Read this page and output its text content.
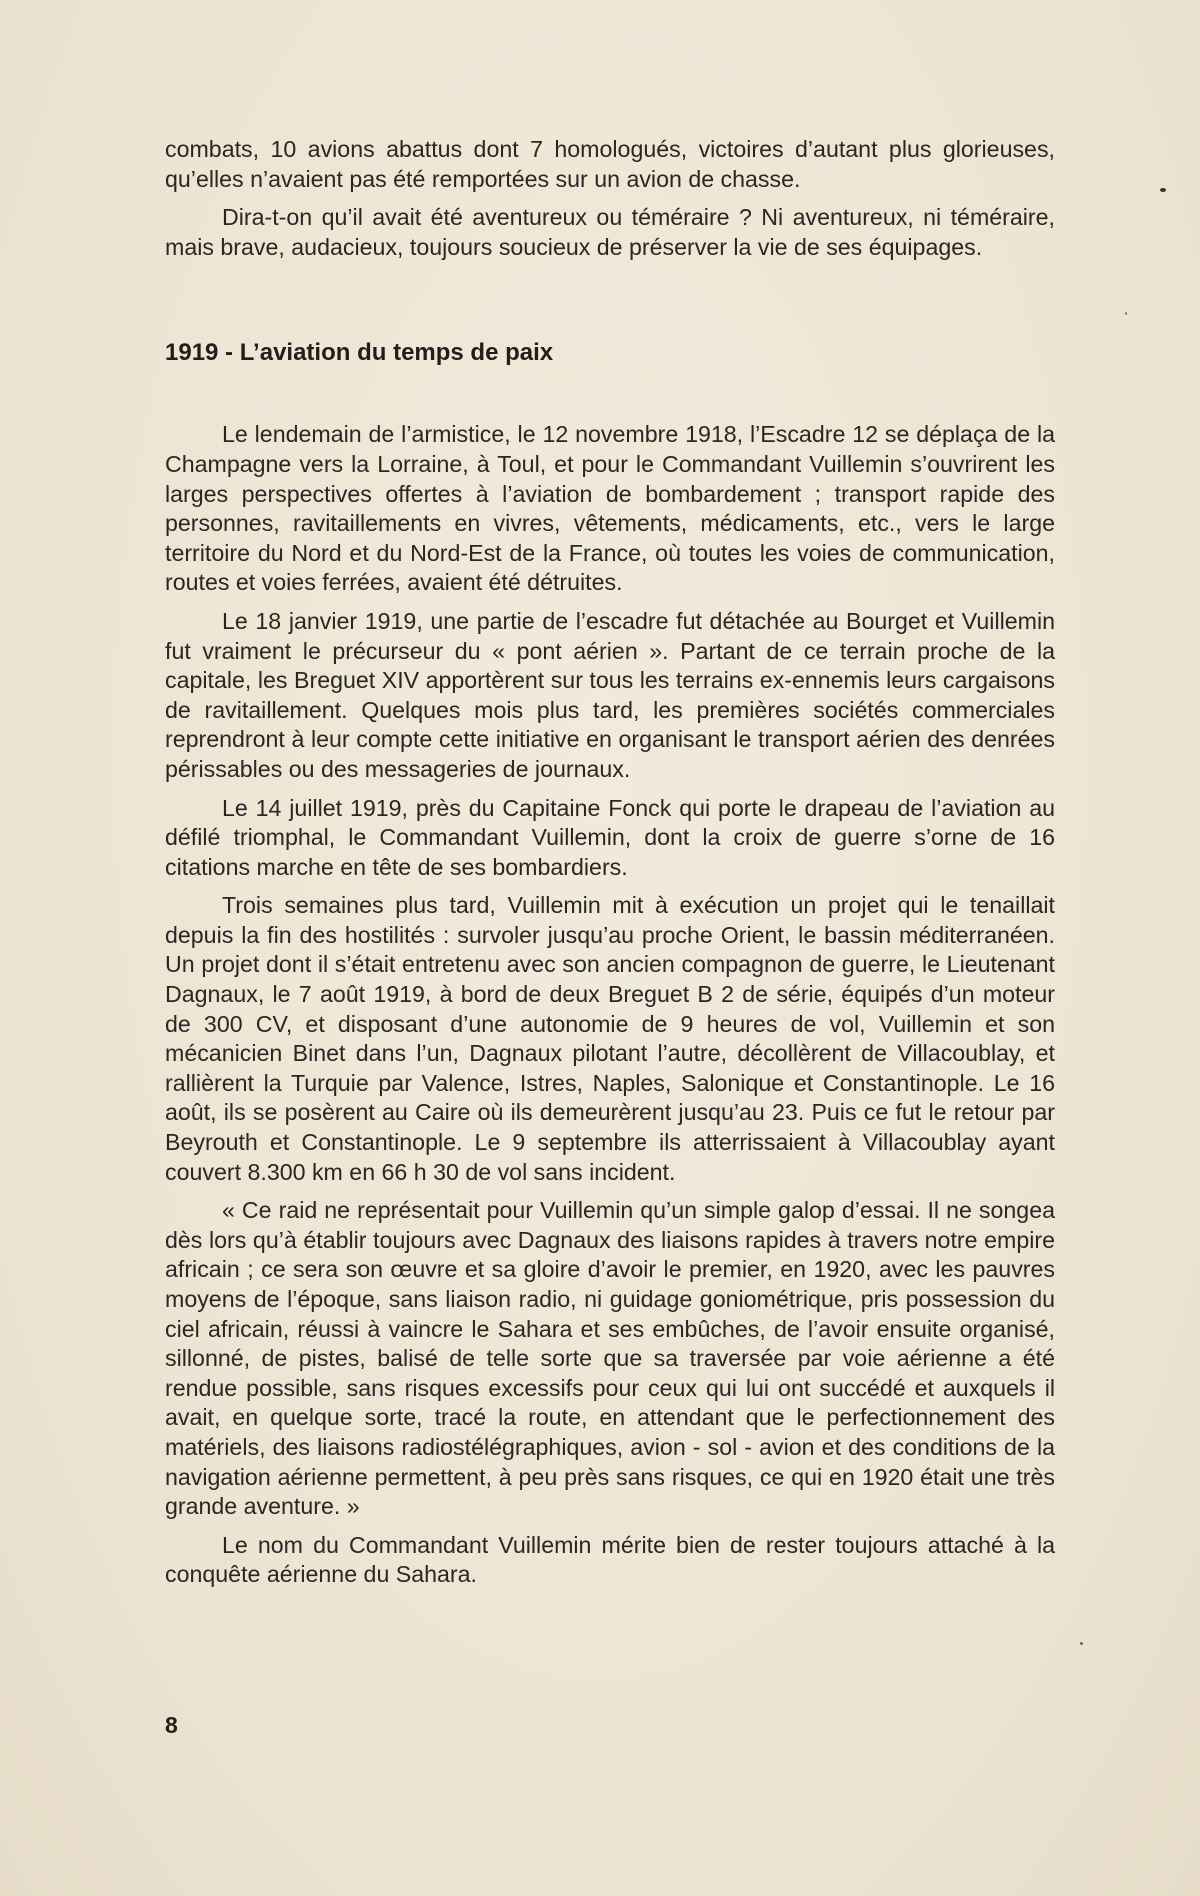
combats, 10 avions abattus dont 7 homologués, victoires d’autant plus glorieuses, qu’elles n’avaient pas été remportées sur un avion de chasse.

Dira-t-on qu’il avait été aventureux ou téméraire ? Ni aventureux, ni téméraire, mais brave, audacieux, toujours soucieux de préserver la vie de ses équipages.

1919 - L’aviation du temps de paix

Le lendemain de l’armistice, le 12 novembre 1918, l’Escadre 12 se déplaça de la Champagne vers la Lorraine, à Toul, et pour le Commandant Vuillemin s’ouvrirent les larges perspectives offertes à l’aviation de bombardement ; transport rapide des personnes, ravitaillements en vivres, vêtements, médicaments, etc., vers le large territoire du Nord et du Nord-Est de la France, où toutes les voies de communication, routes et voies ferrées, avaient été détruites.

Le 18 janvier 1919, une partie de l’escadre fut détachée au Bourget et Vuillemin fut vraiment le précurseur du « pont aérien ». Partant de ce terrain proche de la capitale, les Breguet XIV apportèrent sur tous les terrains ex-ennemis leurs cargaisons de ravitaillement. Quelques mois plus tard, les premières sociétés commerciales reprendront à leur compte cette initiative en organisant le transport aérien des denrées périssables ou des messageries de journaux.

Le 14 juillet 1919, près du Capitaine Fonck qui porte le drapeau de l’aviation au défilé triomphal, le Commandant Vuillemin, dont la croix de guerre s’orne de 16 citations marche en tête de ses bombardiers.

Trois semaines plus tard, Vuillemin mit à exécution un projet qui le tenaillait depuis la fin des hostilités : survoler jusqu’au proche Orient, le bassin méditerranéen. Un projet dont il s’était entretenu avec son ancien compagnon de guerre, le Lieutenant Dagnaux, le 7 août 1919, à bord de deux Breguet B 2 de série, équipés d’un moteur de 300 CV, et disposant d’une autonomie de 9 heures de vol, Vuillemin et son mécanicien Binet dans l’un, Dagnaux pilotant l’autre, décollèrent de Villacoublay, et rallièrent la Turquie par Valence, Istres, Naples, Salonique et Constantinople. Le 16 août, ils se posèrent au Caire où ils demeurèrent jusqu’au 23. Puis ce fut le retour par Beyrouth et Constantinople. Le 9 septembre ils atterrissaient à Villacoublay ayant couvert 8.300 km en 66 h 30 de vol sans incident.

« Ce raid ne représentait pour Vuillemin qu’un simple galop d’essai. Il ne songea dès lors qu’à établir toujours avec Dagnaux des liaisons rapides à travers notre empire africain ; ce sera son œuvre et sa gloire d’avoir le premier, en 1920, avec les pauvres moyens de l’époque, sans liaison radio, ni guidage goniométrique, pris possession du ciel africain, réussi à vaincre le Sahara et ses embûches, de l’avoir ensuite organisé, sillonné, de pistes, balisé de telle sorte que sa traversée par voie aérienne a été rendue possible, sans risques excessifs pour ceux qui lui ont succédé et auxquels il avait, en quelque sorte, tracé la route, en attendant que le perfectionnement des matériels, des liaisons radiostélégraphiques, avion - sol - avion et des conditions de la navigation aérienne permettent, à peu près sans risques, ce qui en 1920 était une très grande aventure. »

Le nom du Commandant Vuillemin mérite bien de rester toujours attaché à la conquête aérienne du Sahara.

8
